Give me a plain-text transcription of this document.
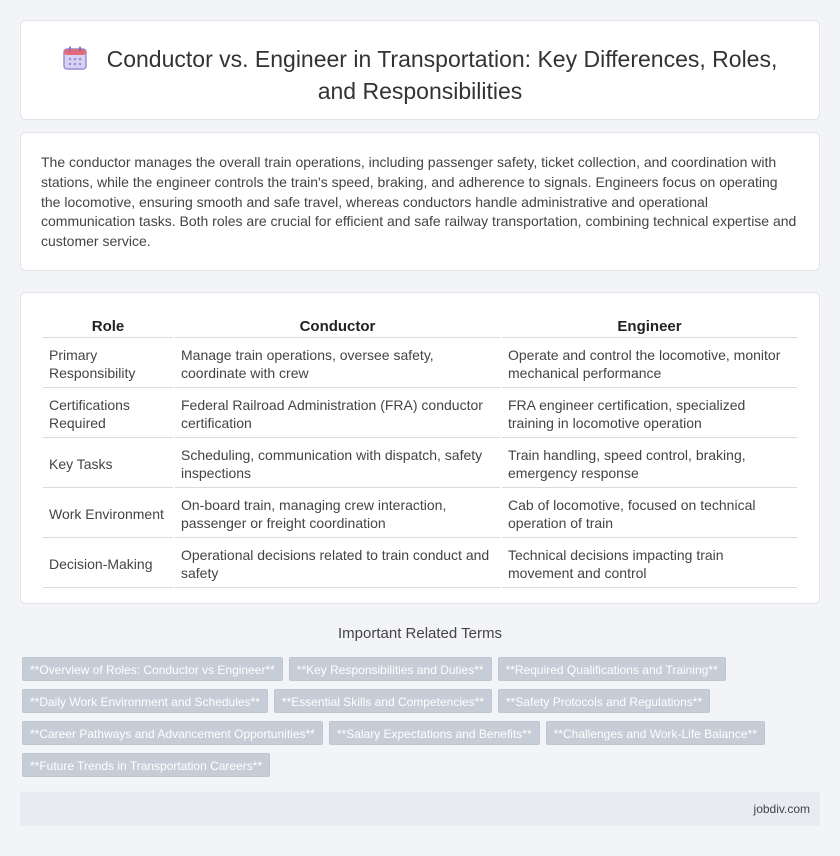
Conductor vs. Engineer in Transportation: Key Differences, Roles, and Responsibilities

The conductor manages the overall train operations, including passenger safety, ticket collection, and coordination with stations, while the engineer controls the train's speed, braking, and adherence to signals. Engineers focus on operating the locomotive, ensuring smooth and safe travel, whereas conductors handle administrative and operational communication tasks. Both roles are crucial for efficient and safe railway transportation, combining technical expertise and customer service.

Role	Conductor	Engineer
Primary Responsibility	Manage train operations, oversee safety, coordinate with crew	Operate and control the locomotive, monitor mechanical performance
Certifications Required	Federal Railroad Administration (FRA) conductor certification	FRA engineer certification, specialized training in locomotive operation
Key Tasks	Scheduling, communication with dispatch, safety inspections	Train handling, speed control, braking, emergency response
Work Environment	On-board train, managing crew interaction, passenger or freight coordination	Cab of locomotive, focused on technical operation of train
Decision-Making	Operational decisions related to train conduct and safety	Technical decisions impacting train movement and control
Important Related Terms
**Overview of Roles: Conductor vs Engineer**	**Key Responsibilities and Duties**	**Required Qualifications and Training**
**Daily Work Environment and Schedules**	**Essential Skills and Competencies**	**Safety Protocols and Regulations**
**Career Pathways and Advancement Opportunities**	**Salary Expectations and Benefits**	**Challenges and Work-Life Balance**
**Future Trends in Transportation Careers**
jobdiv.com
